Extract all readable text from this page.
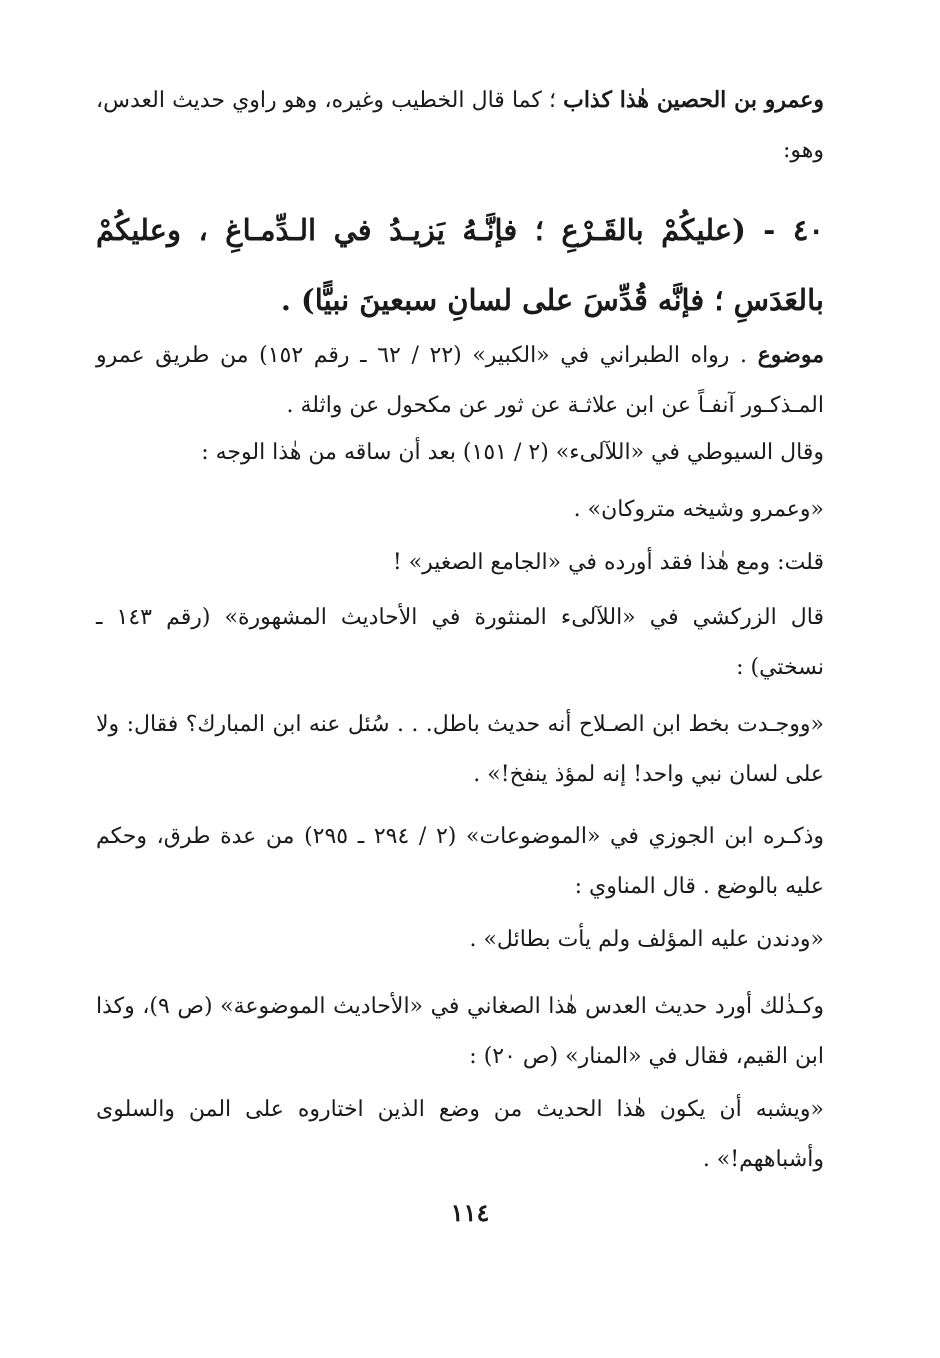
وعمرو بن الحصين هٰذا كذاب ؛ كما قال الخطيب وغيره، وهو راوي حديث العدس، وهو:
٤٠ - (عليكُمْ بالقَـرْعِ ؛ فإنَّـهُ يَزيـدُ في الـدِّمـاغِ ، وعليكُمْ بالعَدَسِ ؛ فإنَّه قُدِّسَ على لسانِ سبعينَ نبيًّا) .
موضوع . رواه الطبراني في «الكبير» (٢٢ / ٦٢ ـ رقم ١٥٢) من طريق عمرو المـذكـور آنفـاً عن ابن علاثـة عن ثور عن مكحول عن واثلة .
وقال السيوطي في «اللآلىء» (٢ / ١٥١) بعد أن ساقه من هٰذا الوجه :
«وعمرو وشيخه متروكان» .
قلت: ومع هٰذا فقد أورده في «الجامع الصغير» !
قال الزركشي في «اللآلىء المنثورة في الأحاديث المشهورة» (رقم ١٤٣ ـ نسختي) :
«ووجـدت بخط ابن الصـلاح أنه حديث باطل. . . سُئل عنه ابن المبارك؟ فقال: ولا على لسان نبي واحد! إنه لمؤذ ينفخ!» .
وذكـره ابن الجوزي في «الموضوعات» (٢ / ٢٩٤ ـ ٢٩٥) من عدة طرق، وحكم عليه بالوضع . قال المناوي :
«ودندن عليه المؤلف ولم يأت بطائل» .
وكـذٰلك أورد حديث العدس هٰذا الصغاني في «الأحاديث الموضوعة» (ص ٩)، وكذا ابن القيم، فقال في «المنار» (ص ٢٠) :
«ويشبه أن يكون هٰذا الحديث من وضع الذين اختاروه على المن والسلوى وأشباههم!» .
١١٤
